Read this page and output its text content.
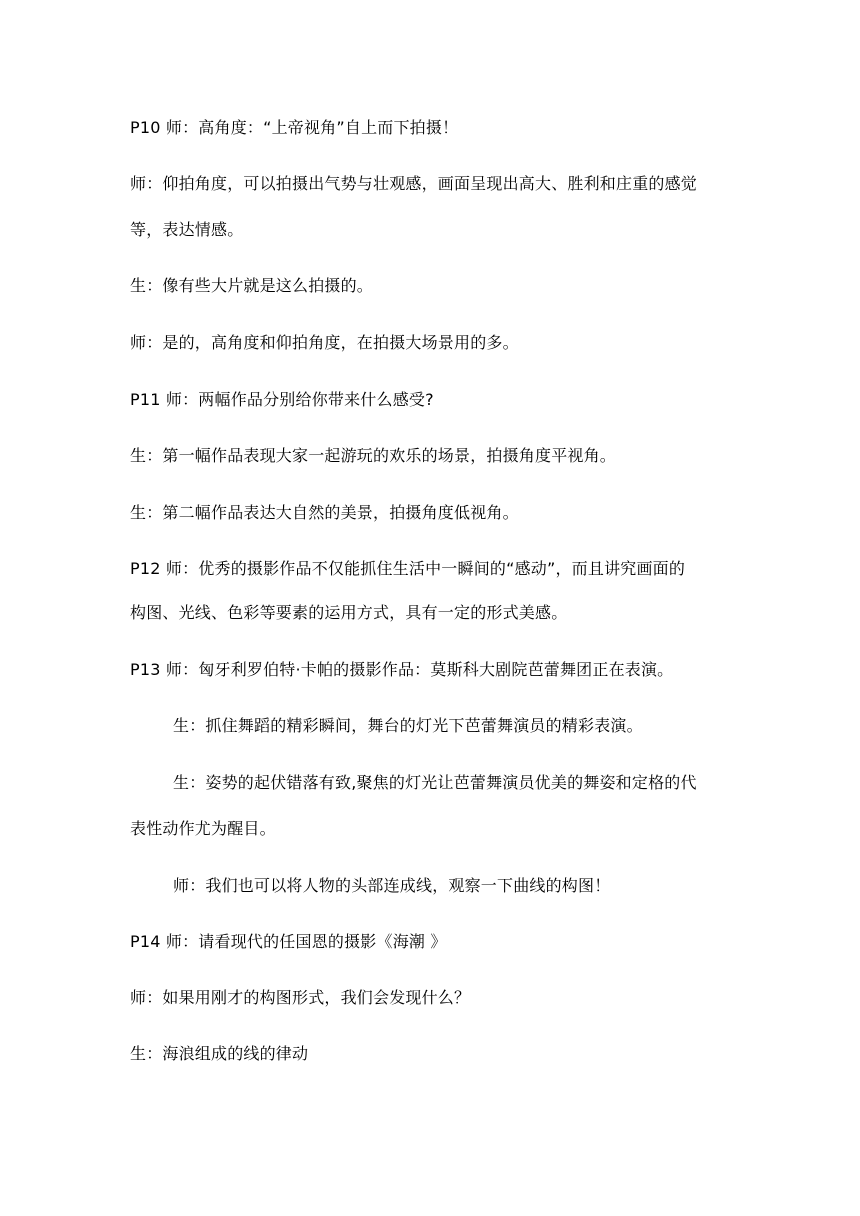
P10 师：高角度：“上帝视角”自上而下拍摄！
师：仰拍角度，可以拍摄出气势与壮观感，画面呈现出高大、胜利和庄重的感觉
等，表达情感。
生：像有些大片就是这么拍摄的。
师：是的，高角度和仰拍角度，在拍摄大场景用的多。
P11 师：两幅作品分别给你带来什么感受?
生：第一幅作品表现大家一起游玩的欢乐的场景，拍摄角度平视角。
生：第二幅作品表达大自然的美景，拍摄角度低视角。
P12 师：优秀的摄影作品不仅能抓住生活中一瞬间的“感动”，而且讲究画面的
构图、光线、色彩等要素的运用方式，具有一定的形式美感。
P13 师：匈牙利罗伯特·卡帕的摄影作品：莫斯科大剧院芭蕾舞团正在表演。
生：抓住舞蹈的精彩瞬间，舞台的灯光下芭蕾舞演员的精彩表演。
生：姿势的起伏错落有致,聚焦的灯光让芭蕾舞演员优美的舞姿和定格的代
表性动作尤为醒目。
师：我们也可以将人物的头部连成线，观察一下曲线的构图！
P14 师：请看现代的任国恩的摄影《海潮 》
师：如果用刚才的构图形式，我们会发现什么？
生：海浪组成的线的律动
